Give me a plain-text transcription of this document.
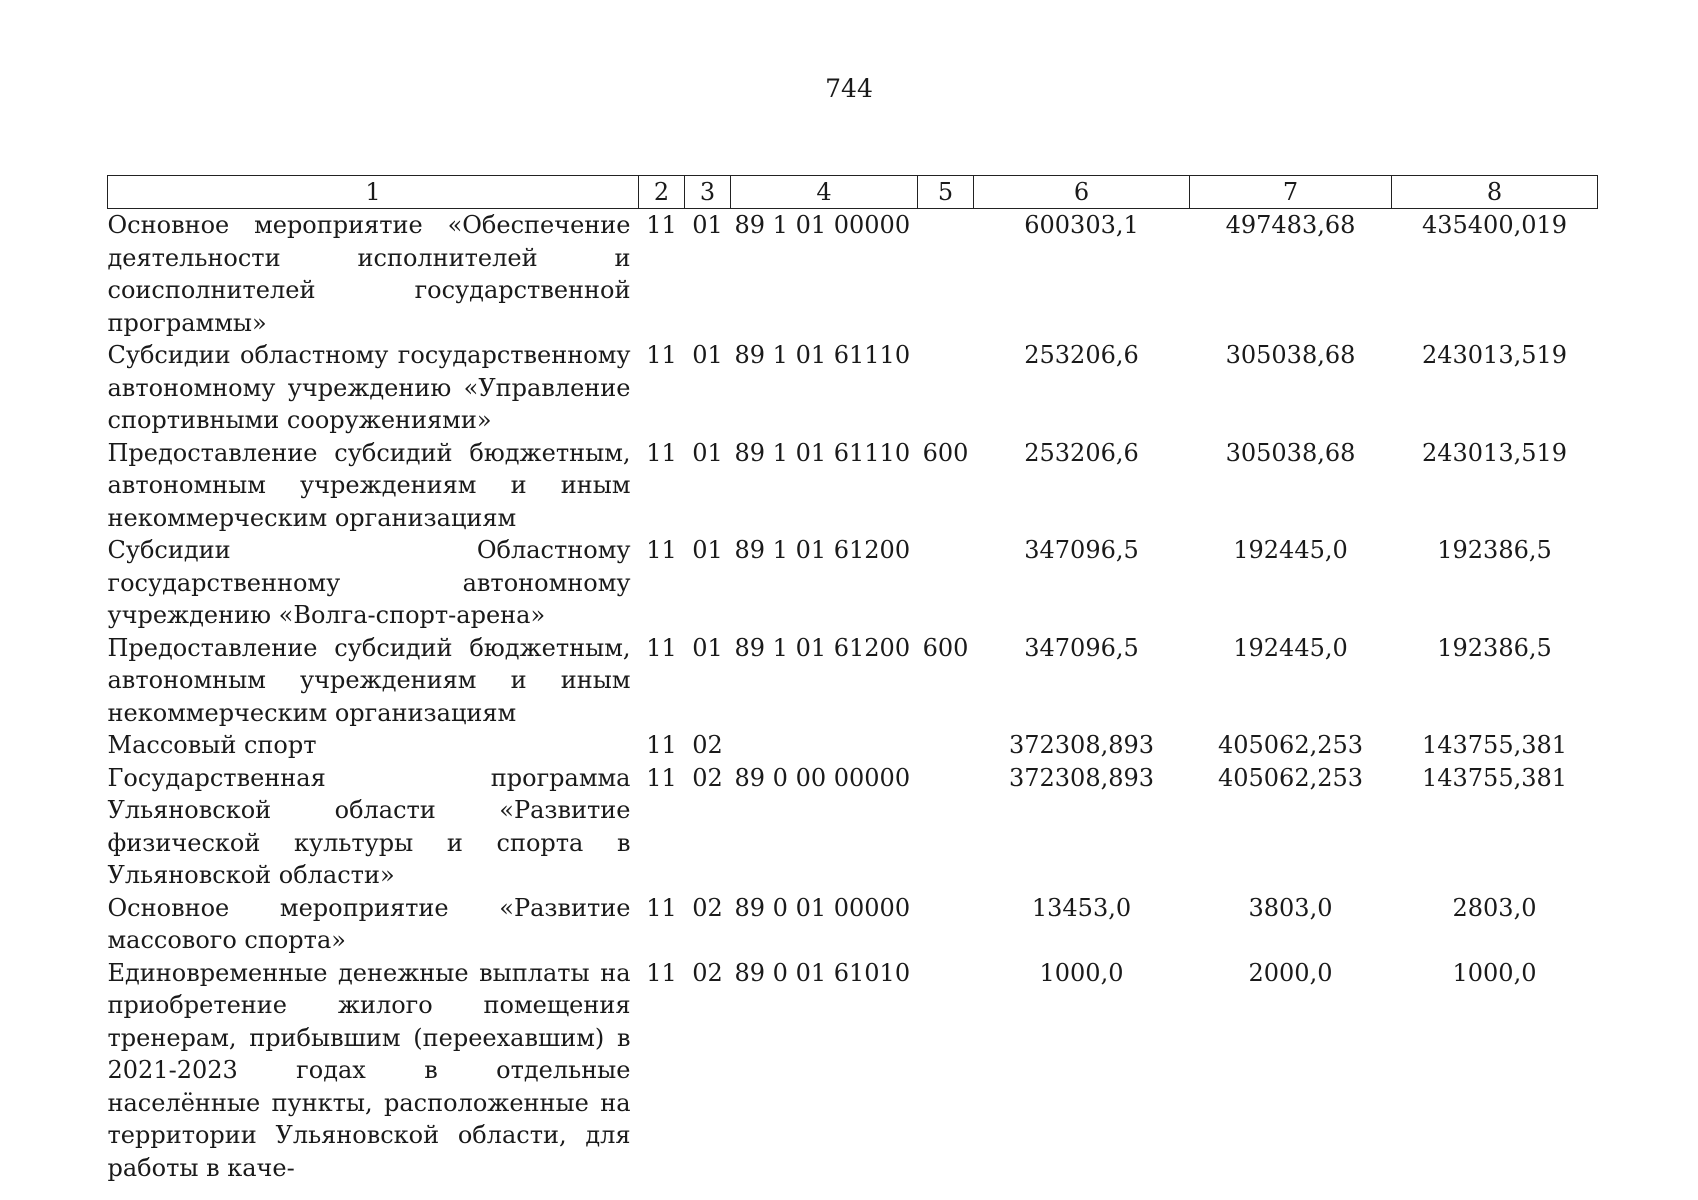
744
1	2	3	4	5	6	7	8
Основное мероприятие «Обеспечение деятельности исполнителей и соисполнителей государственной программы»	11	01	89 1 01 00000		600303,1	497483,68	435400,019
Субсидии областному государственному автономному учреждению «Управление спортивными сооружениями»	11	01	89 1 01 61110		253206,6	305038,68	243013,519
Предоставление субсидий бюджетным, автономным учреждениям и иным некоммерческим организациям	11	01	89 1 01 61110	600	253206,6	305038,68	243013,519
Субсидии Областному государственному автономному учреждению «Волга-спорт-арена»	11	01	89 1 01 61200		347096,5	192445,0	192386,5
Предоставление субсидий бюджетным, автономным учреждениям и иным некоммерческим организациям	11	01	89 1 01 61200	600	347096,5	192445,0	192386,5
Массовый спорт	11	02			372308,893	405062,253	143755,381
Государственная программа Ульяновской области «Развитие физической культуры и спорта в Ульяновской области»	11	02	89 0 00 00000		372308,893	405062,253	143755,381
Основное мероприятие «Развитие массового спорта»	11	02	89 0 01 00000		13453,0	3803,0	2803,0
Единовременные денежные выплаты на приобретение жилого помещения тренерам, прибывшим (переехавшим) в 2021-2023 годах в отдельные населённые пункты, расположенные на территории Ульяновской области, для работы в каче-	11	02	89 0 01 61010		1000,0	2000,0	1000,0
